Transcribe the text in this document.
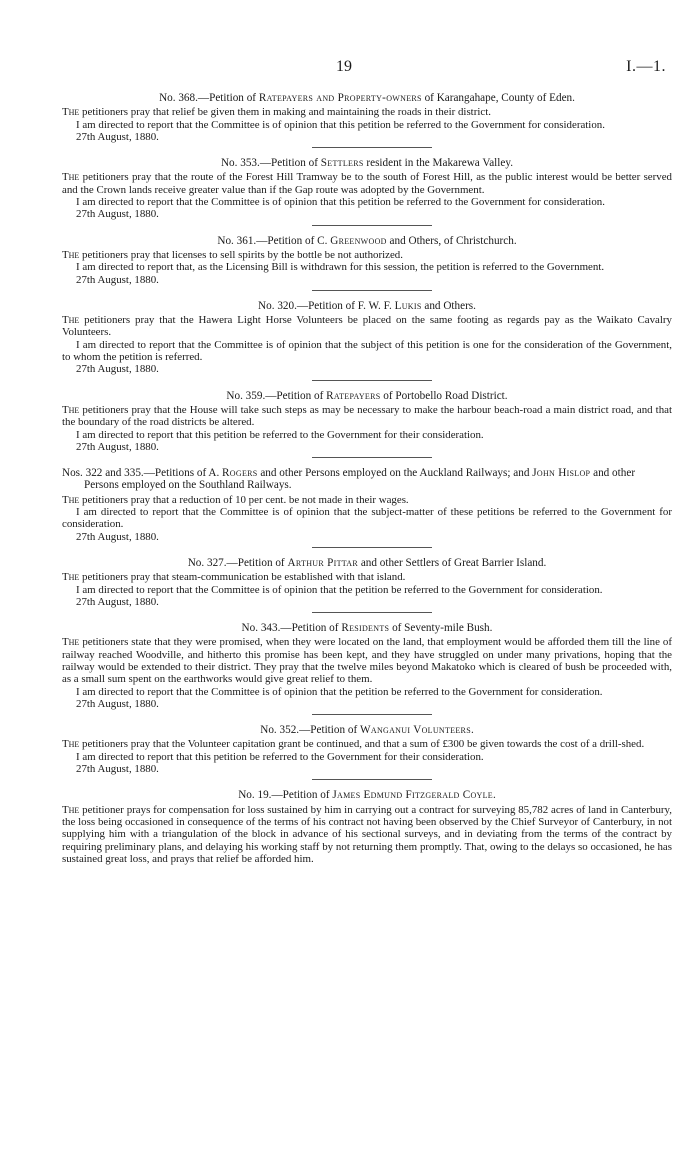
19	I.—1.
No. 368.—Petition of Ratepayers and Property-owners of Karangahape, County of Eden.

The petitioners pray that relief be given them in making and maintaining the roads in their district.

I am directed to report that the Committee is of opinion that this petition be referred to the Government for consideration.

27th August, 1880.
No. 353.—Petition of Settlers resident in the Makarewa Valley.

The petitioners pray that the route of the Forest Hill Tramway be to the south of Forest Hill, as the public interest would be better served and the Crown lands receive greater value than if the Gap route was adopted by the Government.

I am directed to report that the Committee is of opinion that this petition be referred to the Government for consideration.

27th August, 1880.
No. 361.—Petition of C. Greenwood and Others, of Christchurch.

The petitioners pray that licenses to sell spirits by the bottle be not authorized.

I am directed to report that, as the Licensing Bill is withdrawn for this session, the petition is referred to the Government.

27th August, 1880.
No. 320.—Petition of F. W. F. Lukis and Others.

The petitioners pray that the Hawera Light Horse Volunteers be placed on the same footing as regards pay as the Waikato Cavalry Volunteers.

I am directed to report that the Committee is of opinion that the subject of this petition is one for the consideration of the Government, to whom the petition is referred.

27th August, 1880.
No. 359.—Petition of Ratepayers of Portobello Road District.

The petitioners pray that the House will take such steps as may be necessary to make the harbour beach-road a main district road, and that the boundary of the road districts be altered.

I am directed to report that this petition be referred to the Government for their consideration.

27th August, 1880.
Nos. 322 and 335.—Petitions of A. Rogers and other Persons employed on the Auckland Railways; and John Hislop and other Persons employed on the Southland Railways.

The petitioners pray that a reduction of 10 per cent. be not made in their wages.

I am directed to report that the Committee is of opinion that the subject-matter of these petitions be referred to the Government for consideration.

27th August, 1880.
No. 327.—Petition of Arthur Pittar and other Settlers of Great Barrier Island.

The petitioners pray that steam-communication be established with that island.

I am directed to report that the Committee is of opinion that the petition be referred to the Government for consideration.

27th August, 1880.
No. 343.—Petition of Residents of Seventy-mile Bush.

The petitioners state that they were promised, when they were located on the land, that employment would be afforded them till the line of railway reached Woodville, and hitherto this promise has been kept, and they have struggled on under many privations, hoping that the railway would be extended to their district. They pray that the twelve miles beyond Makatoko which is cleared of bush be proceeded with, as a small sum spent on the earthworks would give great relief to them.

I am directed to report that the Committee is of opinion that the petition be referred to the Government for consideration.

27th August, 1880.
No. 352.—Petition of Wanganui Volunteers.

The petitioners pray that the Volunteer capitation grant be continued, and that a sum of £300 be given towards the cost of a drill-shed.

I am directed to report that this petition be referred to the Government for their consideration.

27th August, 1880.
No. 19.—Petition of James Edmund Fitzgerald Coyle.

The petitioner prays for compensation for loss sustained by him in carrying out a contract for surveying 85,782 acres of land in Canterbury, the loss being occasioned in consequence of the terms of his contract not having been observed by the Chief Surveyor of Canterbury, in not supplying him with a triangulation of the block in advance of his sectional surveys, and in deviating from the terms of the contract by requiring preliminary plans, and delaying his working staff by not returning them promptly. That, owing to the delays so occasioned, he has sustained great loss, and prays that relief be afforded him.
